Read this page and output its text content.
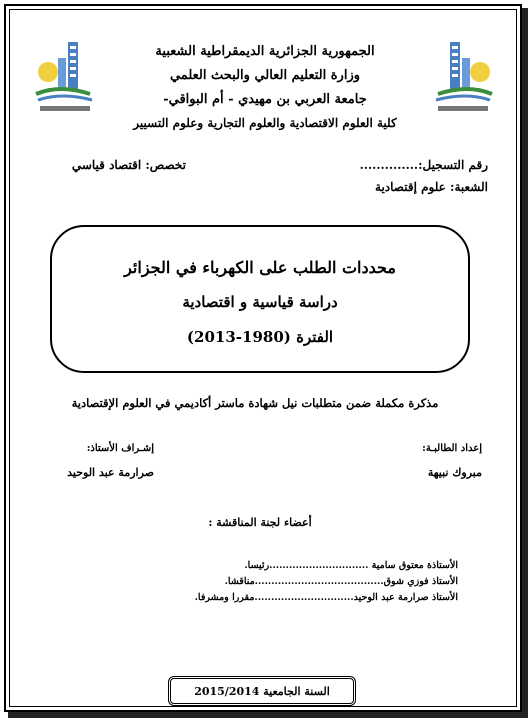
الجمهورية الجزائرية الديمقراطية الشعبية
وزارة التعليم العالي والبحث العلمي
جامعة العربي بن مهيدي - أم البواقي-
كلية العلوم الاقتصادية والعلوم التجارية وعلوم التسيير
رقم التسجيل:..............
تخصص: اقتصاد قياسي
الشعبة: علوم إقتصادية
محددات الطلب على الكهرباء في الجزائر
دراسة قياسية و اقتصادية
الفترة (1980-2013)
مذكرة مكملة ضمن متطلبات نيل شهادة ماستر أكاديمي في العلوم الإقتصادية
إعداد الطالبـة:
مبروك نبيهة
إشـراف الأستاذ:
صرارمة عبد الوحيد
أعضاء لجنة المناقشة :
الأستاذة معتوق سامية ..............................رئيسا.
الأستاذ فوزي شوق.......................................مناقشا.
الأستاذ صرارمة عبد الوحيد..............................مقررا ومشرفا.
السنة الجامعية 2015/2014
